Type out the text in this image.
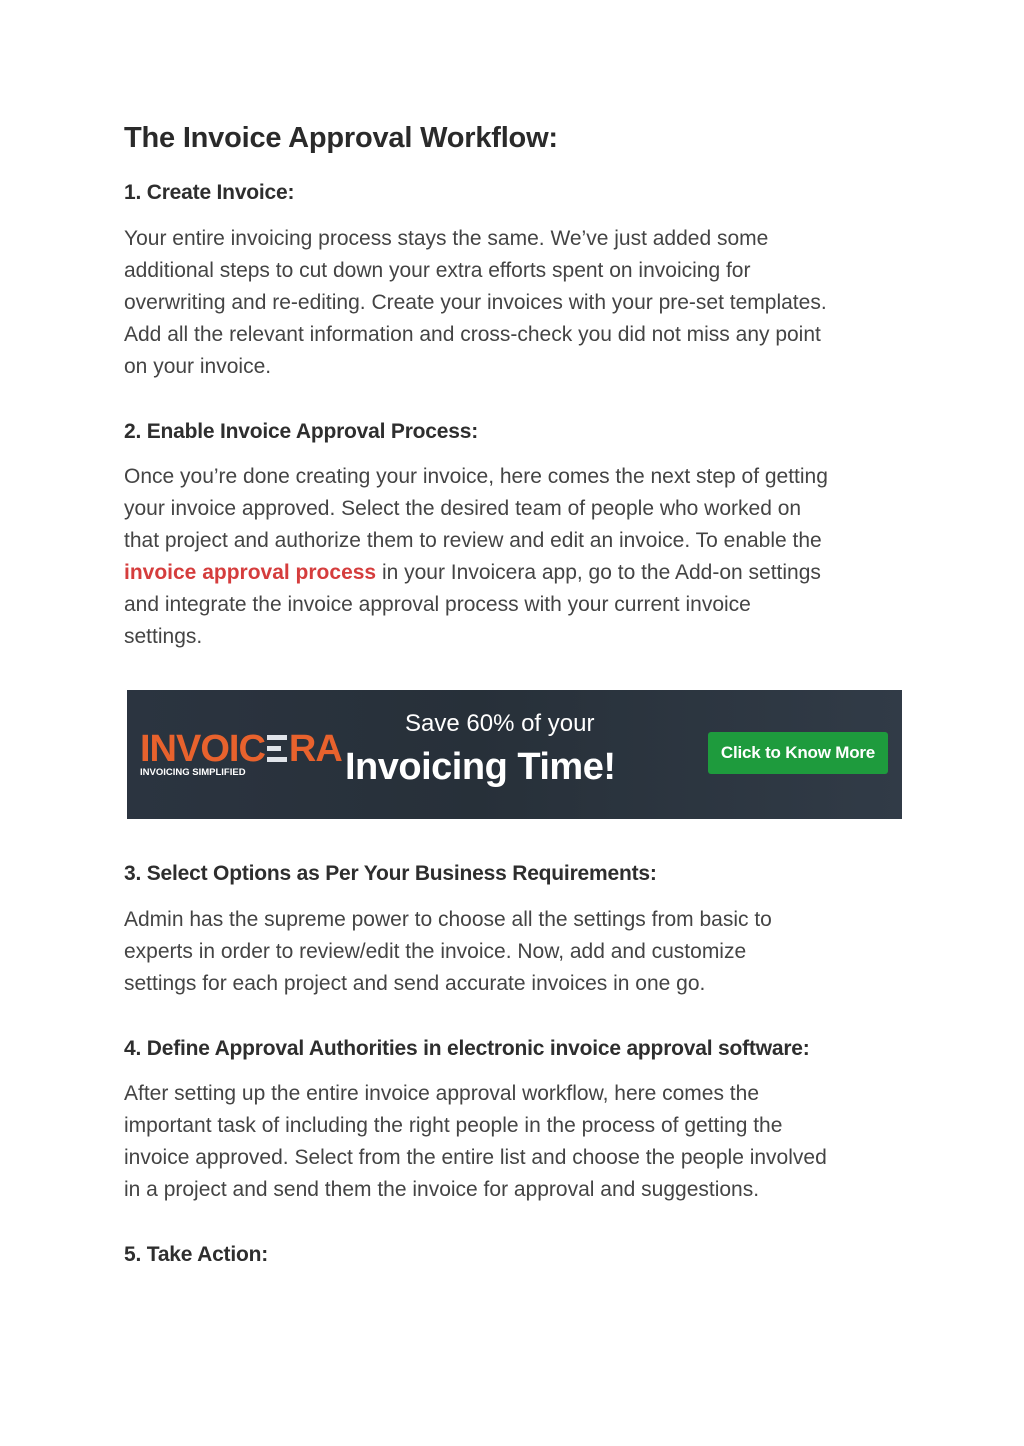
The Invoice Approval Workflow:
1. Create Invoice:
Your entire invoicing process stays the same. We’ve just added some
additional steps to cut down your extra efforts spent on invoicing for
overwriting and re-editing. Create your invoices with your pre-set templates.
Add all the relevant information and cross-check you did not miss any point
on your invoice.
2. Enable Invoice Approval Process:
Once you’re done creating your invoice, here comes the next step of getting
your invoice approved. Select the desired team of people who worked on
that project and authorize them to review and edit an invoice. To enable the
invoice approval process in your Invoicera app, go to the Add-on settings
and integrate the invoice approval process with your current invoice
settings.
INVOIC RA
INVOICING SIMPLIFIED
Save 60% of your
Invoicing Time!	Click to Know More
3. Select Options as Per Your Business Requirements:
Admin has the supreme power to choose all the settings from basic to
experts in order to review/edit the invoice. Now, add and customize
settings for each project and send accurate invoices in one go.
4. Define Approval Authorities in electronic invoice approval software:
After setting up the entire invoice approval workflow, here comes the
important task of including the right people in the process of getting the
invoice approved. Select from the entire list and choose the people involved
in a project and send them the invoice for approval and suggestions.
5. Take Action:
